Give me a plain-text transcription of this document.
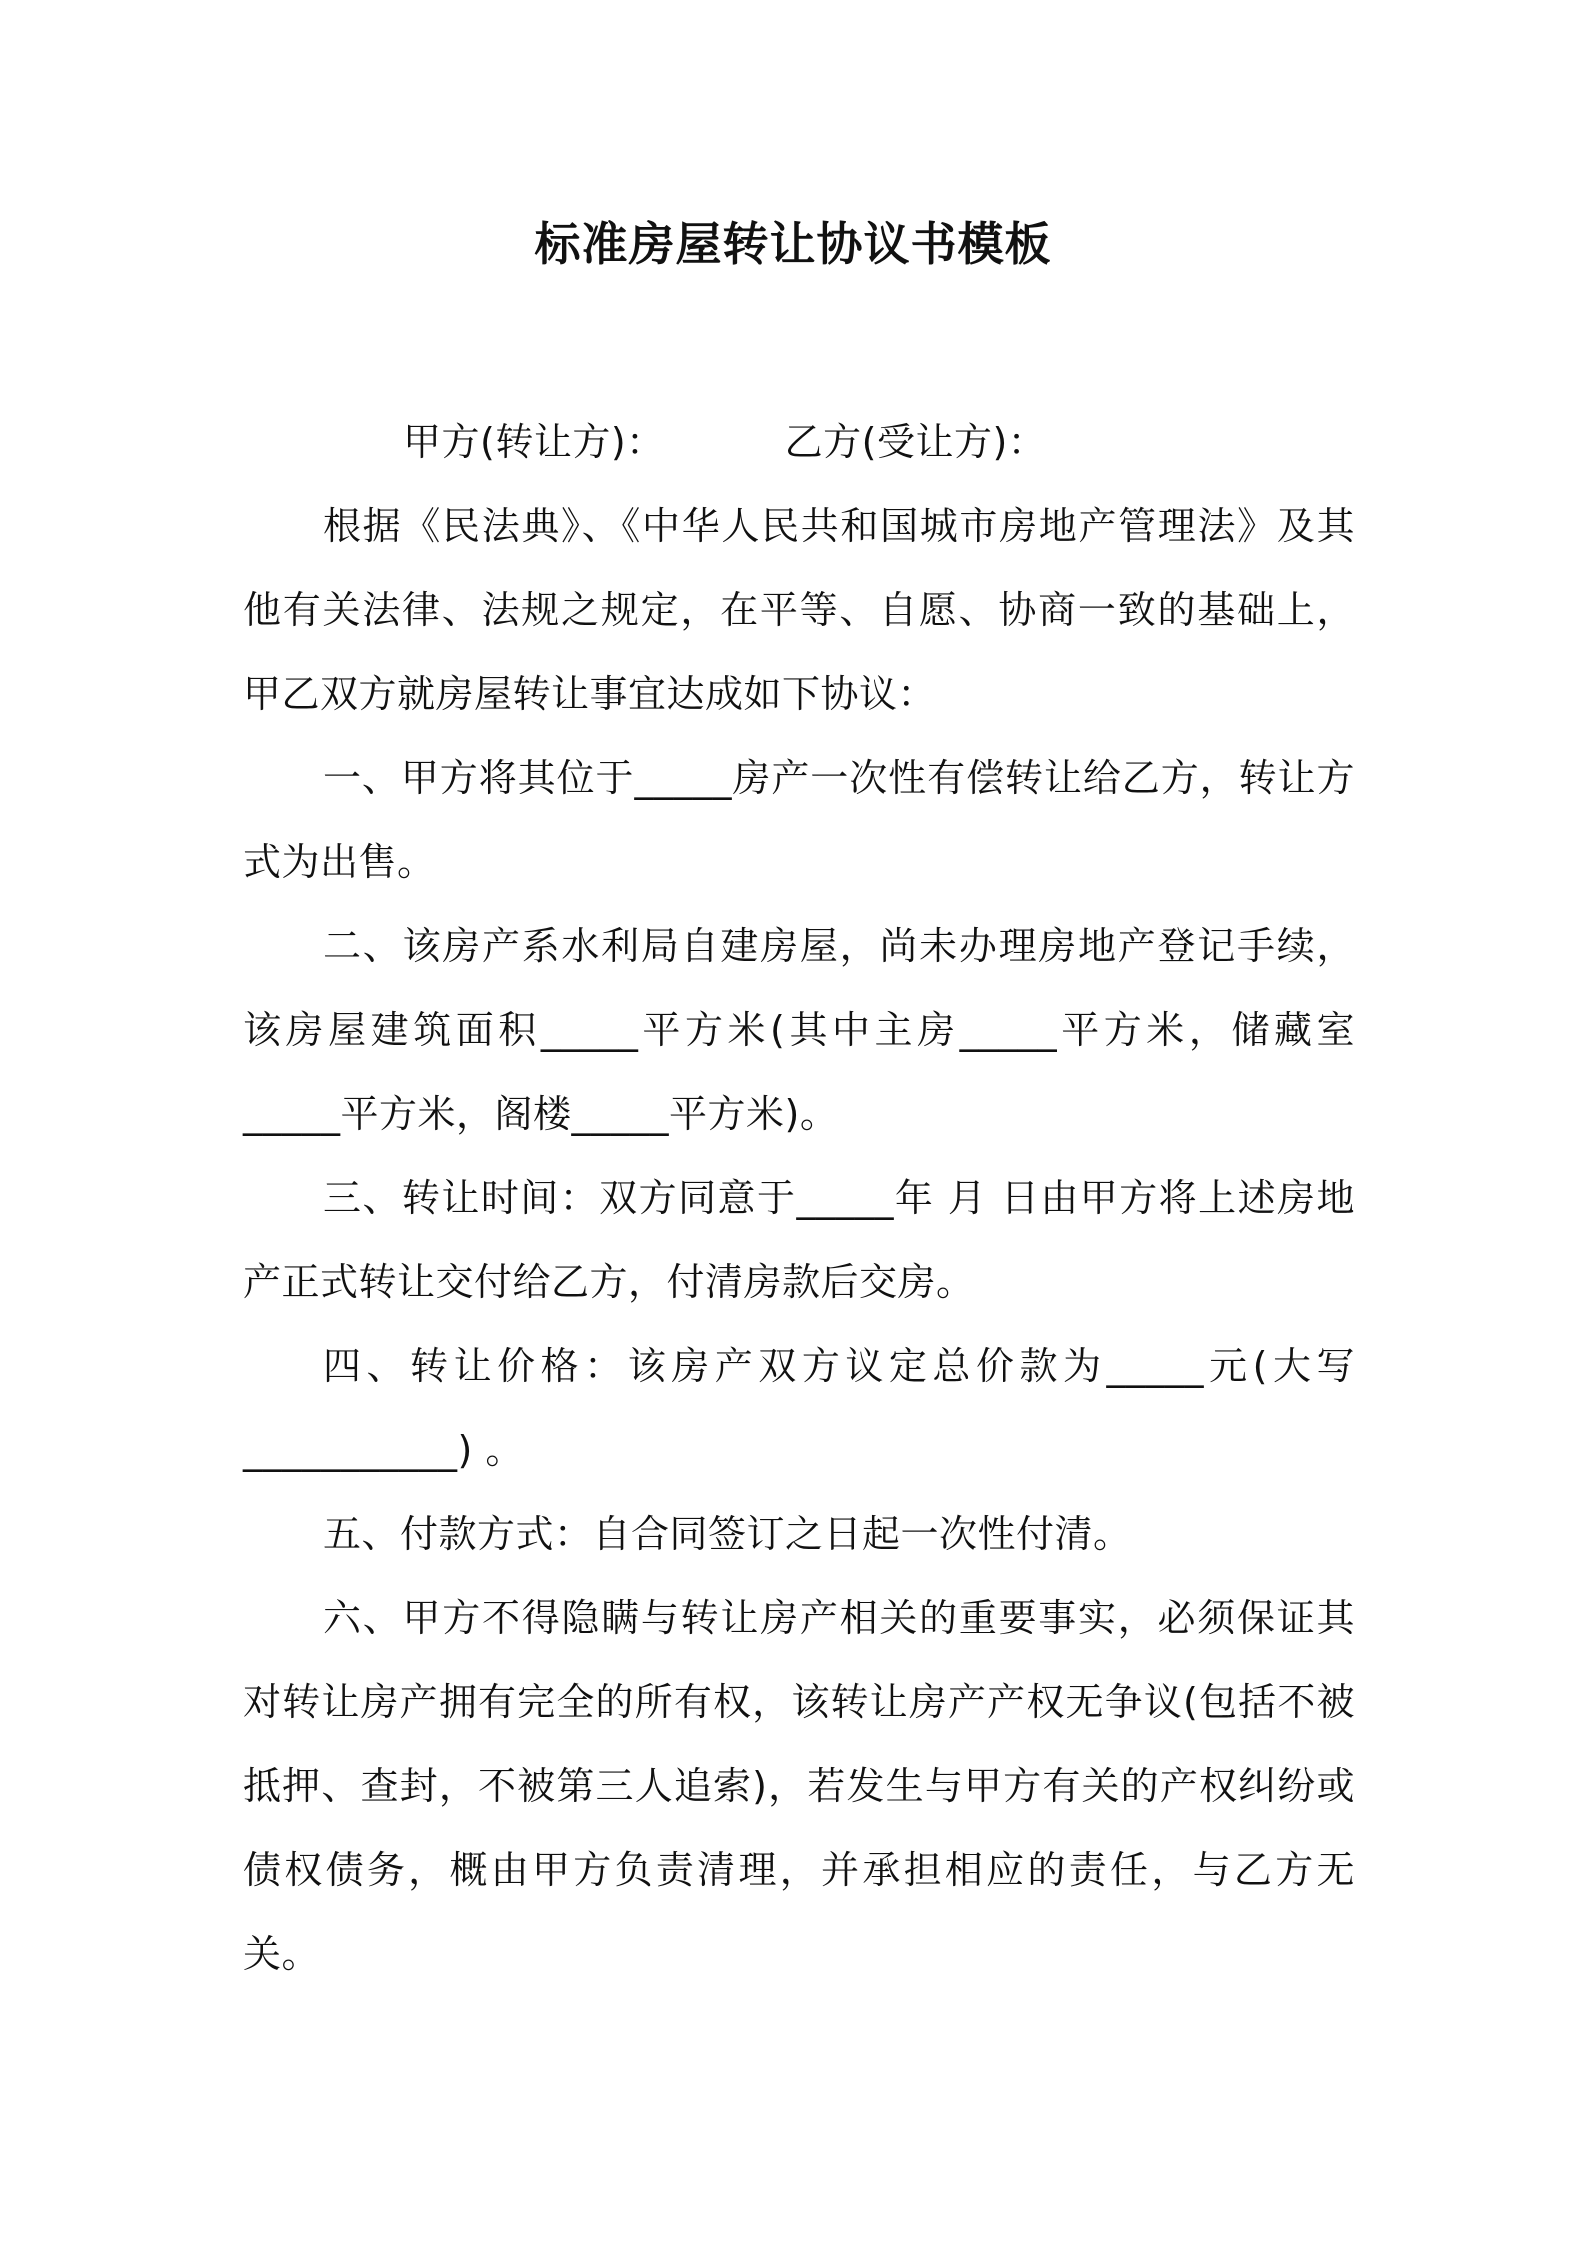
标准房屋转让协议书模板

甲方(转让方)：	乙方(受让方)：

根据《民法典》、《中华人民共和国城市房地产管理法》及其他有关法律、法规之规定，在平等、自愿、协商一致的基础上，甲乙双方就房屋转让事宜达成如下协议：

一、甲方将其位于_____房产一次性有偿转让给乙方，转让方式为出售。

二、该房产系水利局自建房屋，尚未办理房地产登记手续，该房屋建筑面积_____平方米(其中主房_____平方米，储藏室_____平方米，阁楼_____平方米)。

三、转让时间：双方同意于_____年 月 日由甲方将上述房地产正式转让交付给乙方，付清房款后交房。

四、转让价格：该房产双方议定总价款为_____元(大写___________) 。

五、付款方式：自合同签订之日起一次性付清。

六、甲方不得隐瞒与转让房产相关的重要事实，必须保证其对转让房产拥有完全的所有权，该转让房产产权无争议(包括不被抵押、查封，不被第三人追索)，若发生与甲方有关的产权纠纷或债权债务，概由甲方负责清理，并承担相应的责任，与乙方无关。
